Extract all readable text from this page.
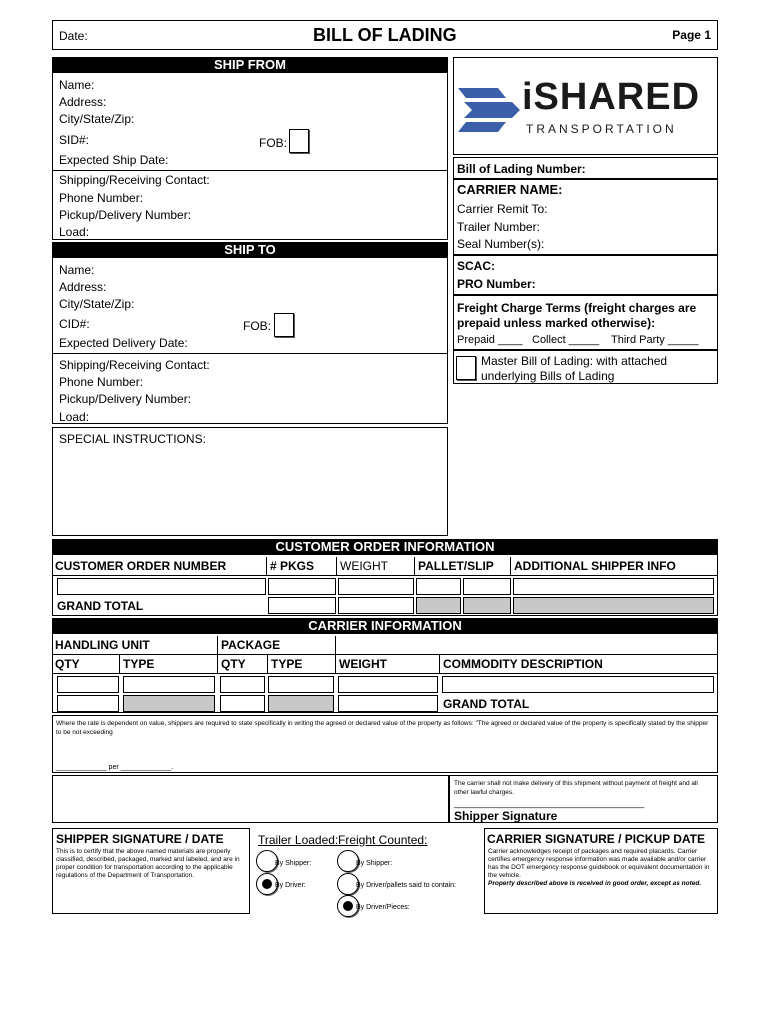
Date:	BILL OF LADING	Page 1
SHIP FROM
Name:
Address:
City/State/Zip:
SID#:	FOB:
Expected Ship Date:
Shipping/Receiving Contact:
Phone Number:
Pickup/Delivery Number:
Load:
SHIP TO
Name:
Address:
City/State/Zip:
CID#:	FOB:
Expected Delivery Date:
Shipping/Receiving Contact:
Phone Number:
Pickup/Delivery Number:
Load:
SPECIAL INSTRUCTIONS:
iSHARED
TRANSPORTATION
Bill of Lading Number:
CARRIER NAME:
Carrier Remit To:
Trailer Number:
Seal Number(s):
SCAC:
PRO Number:
Freight Charge Terms (freight charges are
prepaid unless marked otherwise):
Prepaid ____ Collect _____ Third Party _____
Master Bill of Lading: with attached
underlying Bills of Lading
CUSTOMER ORDER INFORMATION
CUSTOMER ORDER NUMBER	# PKGS	WEIGHT	PALLET/SLIP	ADDITIONAL SHIPPER INFO
GRAND TOTAL
CARRIER INFORMATION
HANDLING UNIT	PACKAGE
QTY	TYPE	QTY	TYPE	WEIGHT	COMMODITY DESCRIPTION
GRAND TOTAL
Where the rate is dependent on value, shippers are required to state specifically in writing the agreed or declared value of the property as follows: "The agreed or declared value of the property is specifically stated by the shipper to be not exceeding
_____________ per _____________.
The carrier shall not make delivery of this shipment without payment of freight and all other lawful charges.
______________________________________
Shipper Signature
SHIPPER SIGNATURE / DATE
This is to certify that the above named materials are properly classified, described, packaged, marked and labeled, and are in proper condition for transportation according to the applicable regulations of the Department of Transportation.
Trailer Loaded: Freight Counted:
By Shipper:
By Driver:
By Shipper:
By Driver/pallets said to contain:
By Driver/Pieces:
CARRIER SIGNATURE / PICKUP DATE
Carrier acknowledges receipt of packages and required placards. Carrier certifies emergency response information was made available and/or carrier has the DOT emergency response guidebook or equivalent documentation in the vehicle.
Property described above is received in good order, except as noted.
